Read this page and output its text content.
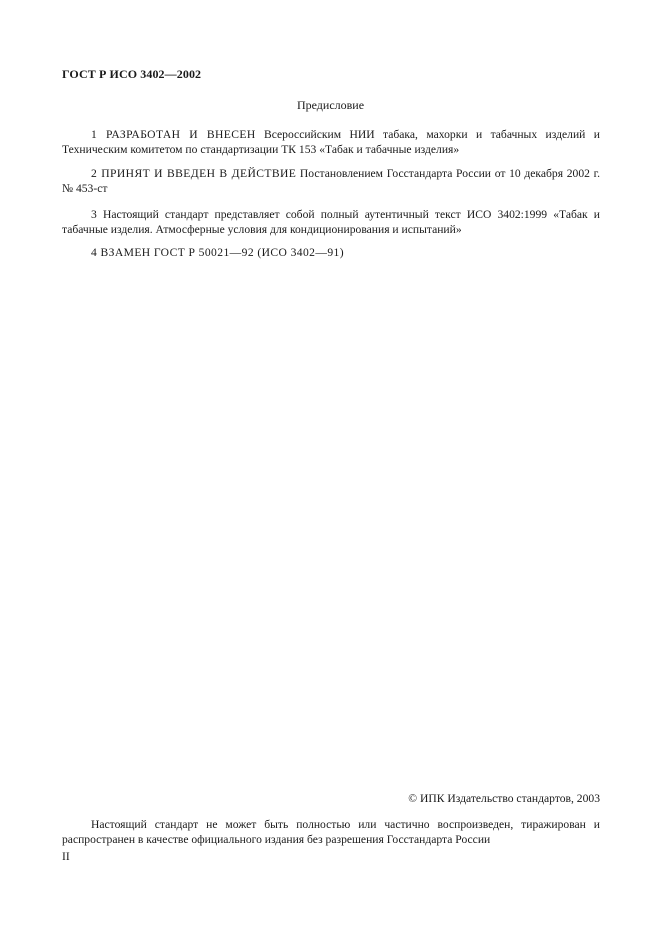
ГОСТ Р ИСО 3402—2002
Предисловие
1 РАЗРАБОТАН И ВНЕСЕН Всероссийским НИИ табака, махорки и табачных изделий и Техническим комитетом по стандартизации ТК 153 «Табак и табачные изделия»
2 ПРИНЯТ И ВВЕДЕН В ДЕЙСТВИЕ Постановлением Госстандарта России от 10 декабря 2002 г. № 453-ст
3 Настоящий стандарт представляет собой полный аутентичный текст ИСО 3402:1999 «Табак и табачные изделия. Атмосферные условия для кондиционирования и испытаний»
4 ВЗАМЕН ГОСТ Р 50021—92 (ИСО 3402—91)
© ИПК Издательство стандартов, 2003
Настоящий стандарт не может быть полностью или частично воспроизведен, тиражирован и распространен в качестве официального издания без разрешения Госстандарта России
II
